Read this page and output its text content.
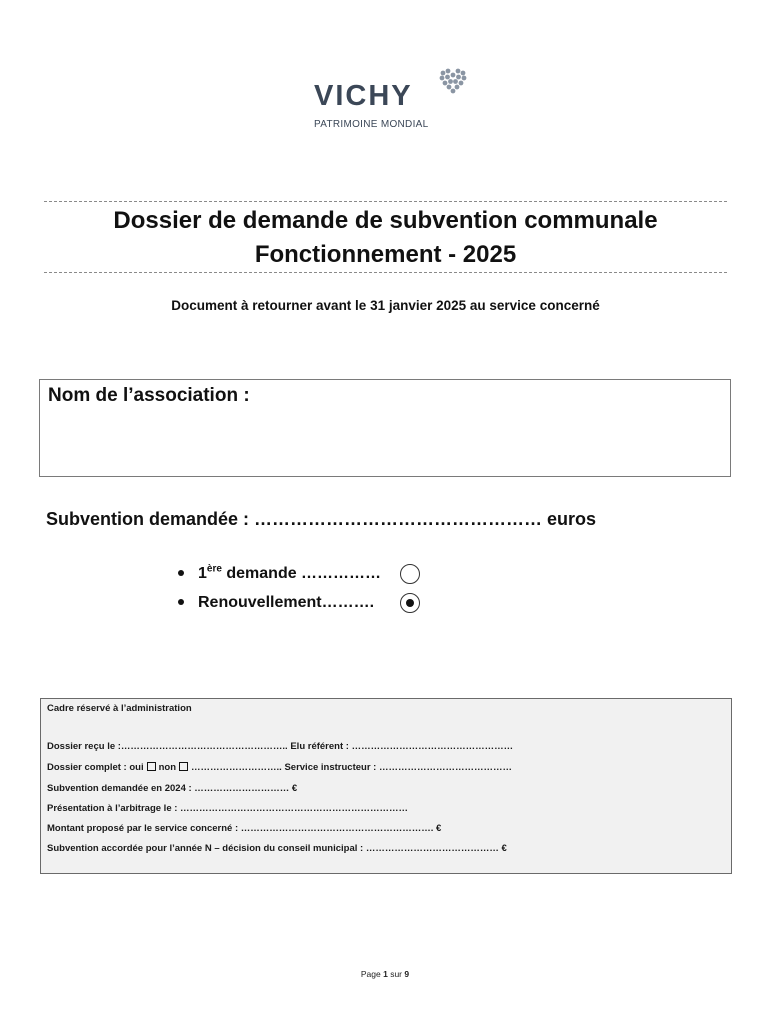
VICHY
PATRIMOINE MONDIAL
Dossier de demande de subvention communale
Fonctionnement - 2025
Document à retourner avant le 31 janvier 2025 au service concerné
Nom de l’association :
Subvention demandée : ………………………………………… euros
1ère demande ……………
Renouvellement……….
Cadre réservé à l’administration
Dossier reçu le :…………………………………………….. Elu référent : ……………………………………………
Dossier complet : oui non ……………………….. Service instructeur : ……………………………………
Subvention demandée en 2024 : ………………………… €
Présentation à l’arbitrage le : ………………………………………………………………
Montant proposé par le service concerné : ……………………………………………………. €
Subvention accordée pour l’année N – décision du conseil municipal : …………………………………… €
Page 1 sur 9
